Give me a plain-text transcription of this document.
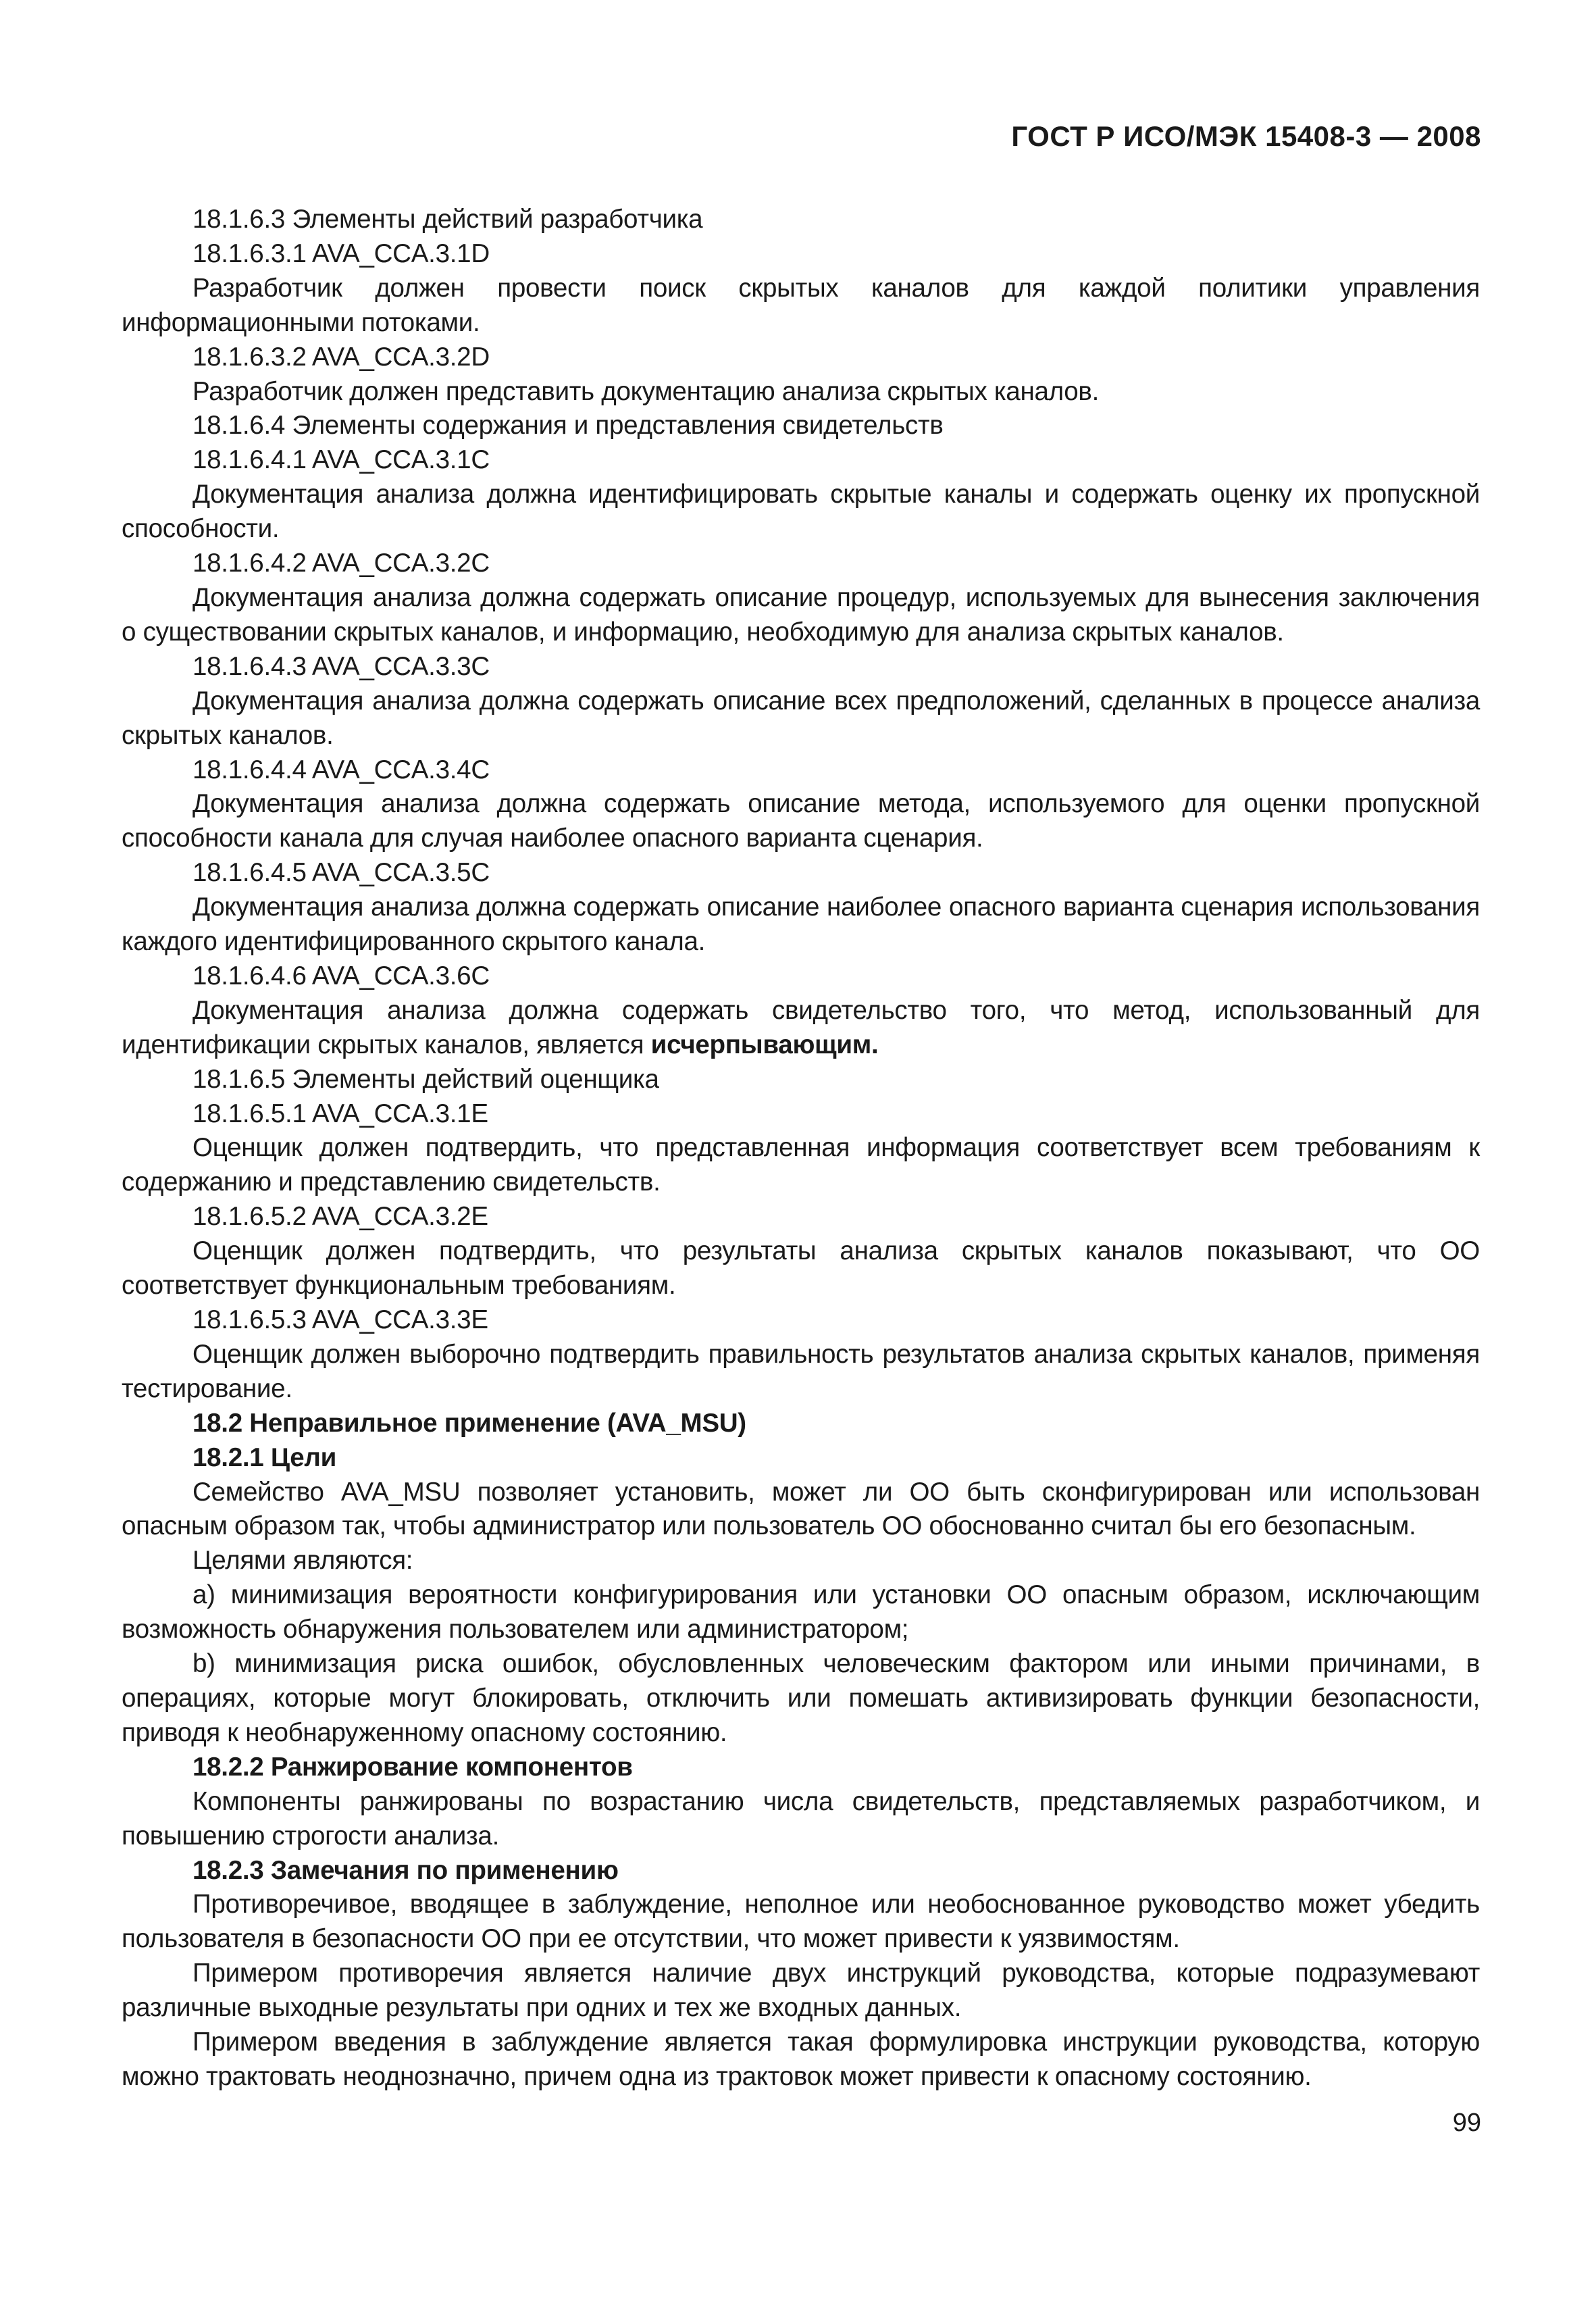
ГОСТ Р ИСО/МЭК 15408-3 — 2008

18.1.6.3 Элементы действий разработчика

18.1.6.3.1 AVA_CCA.3.1D

Разработчик должен провести поиск скрытых каналов для каждой политики управления информационными потоками.

18.1.6.3.2 AVA_CCA.3.2D

Разработчик должен представить документацию анализа скрытых каналов.

18.1.6.4 Элементы содержания и представления свидетельств

18.1.6.4.1 AVA_CCA.3.1C

Документация анализа должна идентифицировать скрытые каналы и содержать оценку их пропускной способности.

18.1.6.4.2 AVA_CCA.3.2C

Документация анализа должна содержать описание процедур, используемых для вынесения заключения о существовании скрытых каналов, и информацию, необходимую для анализа скрытых каналов.

18.1.6.4.3 AVA_CCA.3.3C

Документация анализа должна содержать описание всех предположений, сделанных в процессе анализа скрытых каналов.

18.1.6.4.4 AVA_CCA.3.4C

Документация анализа должна содержать описание метода, используемого для оценки пропускной способности канала для случая наиболее опасного варианта сценария.

18.1.6.4.5 AVA_CCA.3.5C

Документация анализа должна содержать описание наиболее опасного варианта сценария использования каждого идентифицированного скрытого канала.

18.1.6.4.6 AVA_CCA.3.6C

Документация анализа должна содержать свидетельство того, что метод, использованный для идентификации скрытых каналов, является исчерпывающим.

18.1.6.5 Элементы действий оценщика

18.1.6.5.1 AVA_CCA.3.1E

Оценщик должен подтвердить, что представленная информация соответствует всем требованиям к содержанию и представлению свидетельств.

18.1.6.5.2 AVA_CCA.3.2E

Оценщик должен подтвердить, что результаты анализа скрытых каналов показывают, что ОО соответствует функциональным требованиям.

18.1.6.5.3 AVA_CCA.3.3E

Оценщик должен выборочно подтвердить правильность результатов анализа скрытых каналов, применяя тестирование.

18.2 Неправильное применение (AVA_MSU)

18.2.1 Цели

Семейство AVA_MSU позволяет установить, может ли ОО быть сконфигурирован или использован опасным образом так, чтобы администратор или пользователь ОО обоснованно считал бы его безопасным.

Целями являются:

a) минимизация вероятности конфигурирования или установки ОО опасным образом, исключающим возможность обнаружения пользователем или администратором;

b) минимизация риска ошибок, обусловленных человеческим фактором или иными причинами, в операциях, которые могут блокировать, отключить или помешать активизировать функции безопасности, приводя к необнаруженному опасному состоянию.

18.2.2 Ранжирование компонентов

Компоненты ранжированы по возрастанию числа свидетельств, представляемых разработчиком, и повышению строгости анализа.

18.2.3 Замечания по применению

Противоречивое, вводящее в заблуждение, неполное или необоснованное руководство может убедить пользователя в безопасности ОО при ее отсутствии, что может привести к уязвимостям.

Примером противоречия является наличие двух инструкций руководства, которые подразумевают различные выходные результаты при одних и тех же входных данных.

Примером введения в заблуждение является такая формулировка инструкции руководства, которую можно трактовать неоднозначно, причем одна из трактовок может привести к опасному состоянию.

99
